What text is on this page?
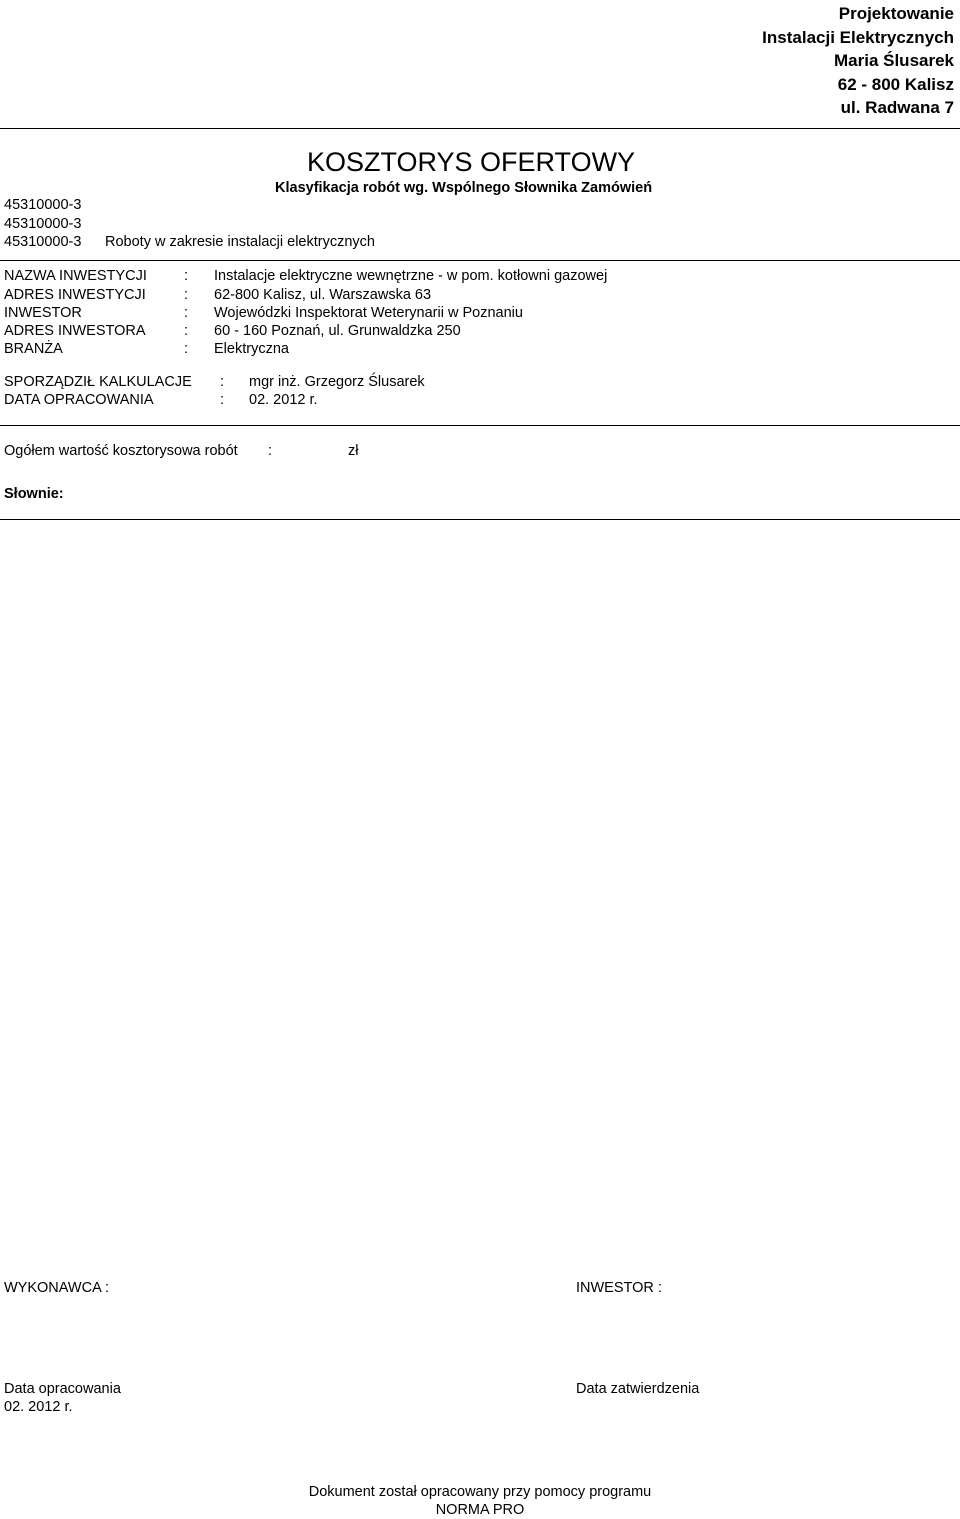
Projektowanie
Instalacji Elektrycznych
Maria Ślusarek
62 - 800 Kalisz
ul. Radwana 7
KOSZTORYS OFERTOWY
Klasyfikacja robót wg. Wspólnego Słownika Zamówień
45310000-3
45310000-3
45310000-3 Roboty w zakresie instalacji elektrycznych
NAZWA INWESTYCJI	: Instalacje elektryczne wewnętrzne - w pom. kotłowni gazowej
ADRES INWESTYCJI	: 62-800 Kalisz, ul. Warszawska 63
INWESTOR	: Wojewódzki Inspektorat Weterynarii w Poznaniu
ADRES INWESTORA	: 60 - 160 Poznań, ul. Grunwaldzka 250
BRANŻA	: Elektryczna
SPORZĄDZIŁ KALKULACJE : mgr inż. Grzegorz Ślusarek
DATA OPRACOWANIA	: 02. 2012 r.
Ogółem wartość kosztorysowa robót :	zł
Słownie:
WYKONAWCA :	INWESTOR :
Data opracowania	Data zatwierdzenia
02. 2012 r.
Dokument został opracowany przy pomocy programu
NORMA PRO
